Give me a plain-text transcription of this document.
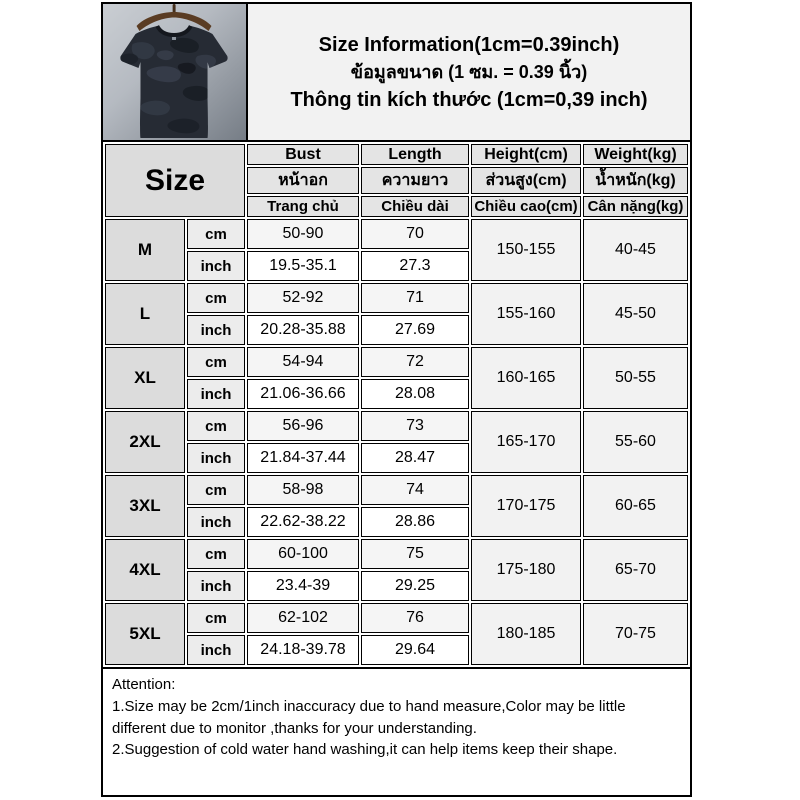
Size Information(1cm=0.39inch)
ข้อมูลขนาด (1 ซม. = 0.39 นิ้ว)
Thông tin kích thước (1cm=0,39 inch)
Size		Bust	Length	Height(cm)	Weight(kg)
		หน้าอก	ความยาว	ส่วนสูง(cm)	น้ำหนัก(kg)
		Trang chủ	Chiều dài	Chiều cao(cm)	Cân nặng(kg)
M	cm	50-90	70	150-155	40-45
	inch	19.5-35.1	27.3		
L	cm	52-92	71	155-160	45-50
	inch	20.28-35.88	27.69		
XL	cm	54-94	72	160-165	50-55
	inch	21.06-36.66	28.08		
2XL	cm	56-96	73	165-170	55-60
	inch	21.84-37.44	28.47		
3XL	cm	58-98	74	170-175	60-65
	inch	22.62-38.22	28.86		
4XL	cm	60-100	75	175-180	65-70
	inch	23.4-39	29.25		
5XL	cm	62-102	76	180-185	70-75
	inch	24.18-39.78	29.64		

Attention:

1.Size may be 2cm/1inch inaccuracy due to hand measure,Color may be little different due to monitor ,thanks for your understanding.

2.Suggestion of cold water hand washing,it can help items keep their shape.
